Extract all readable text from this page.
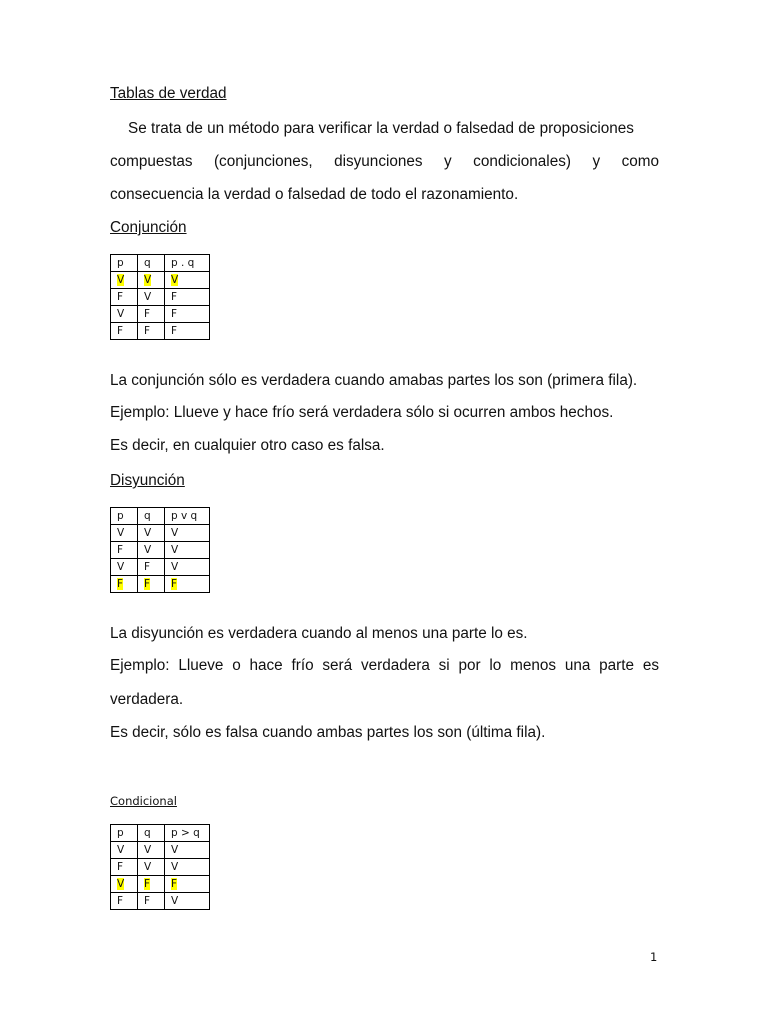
Tablas de verdad
Se trata de un método para verificar la verdad o falsedad de proposiciones
compuestas (conjunciones, disyunciones y condicionales) y como
consecuencia la verdad o falsedad de todo el razonamiento.
Conjunción
p	q	p . q
V	V	V
F	V	F
V	F	F
F	F	F
La conjunción sólo es verdadera cuando amabas partes los son (primera fila).
Ejemplo: Llueve y hace frío será verdadera sólo si ocurren ambos hechos.
Es decir, en cualquier otro caso es falsa.
Disyunción
p	q	p v q
V	V	V
F	V	V
V	F	V
F	F	F
La disyunción es verdadera cuando al menos una parte lo es.
Ejemplo: Llueve o hace frío será verdadera si por lo menos una parte es
verdadera.
Es decir, sólo es falsa cuando ambas partes los son (última fila).
Condicional
p	q	p > q
V	V	V
F	V	V
V	F	F
F	F	V
1
